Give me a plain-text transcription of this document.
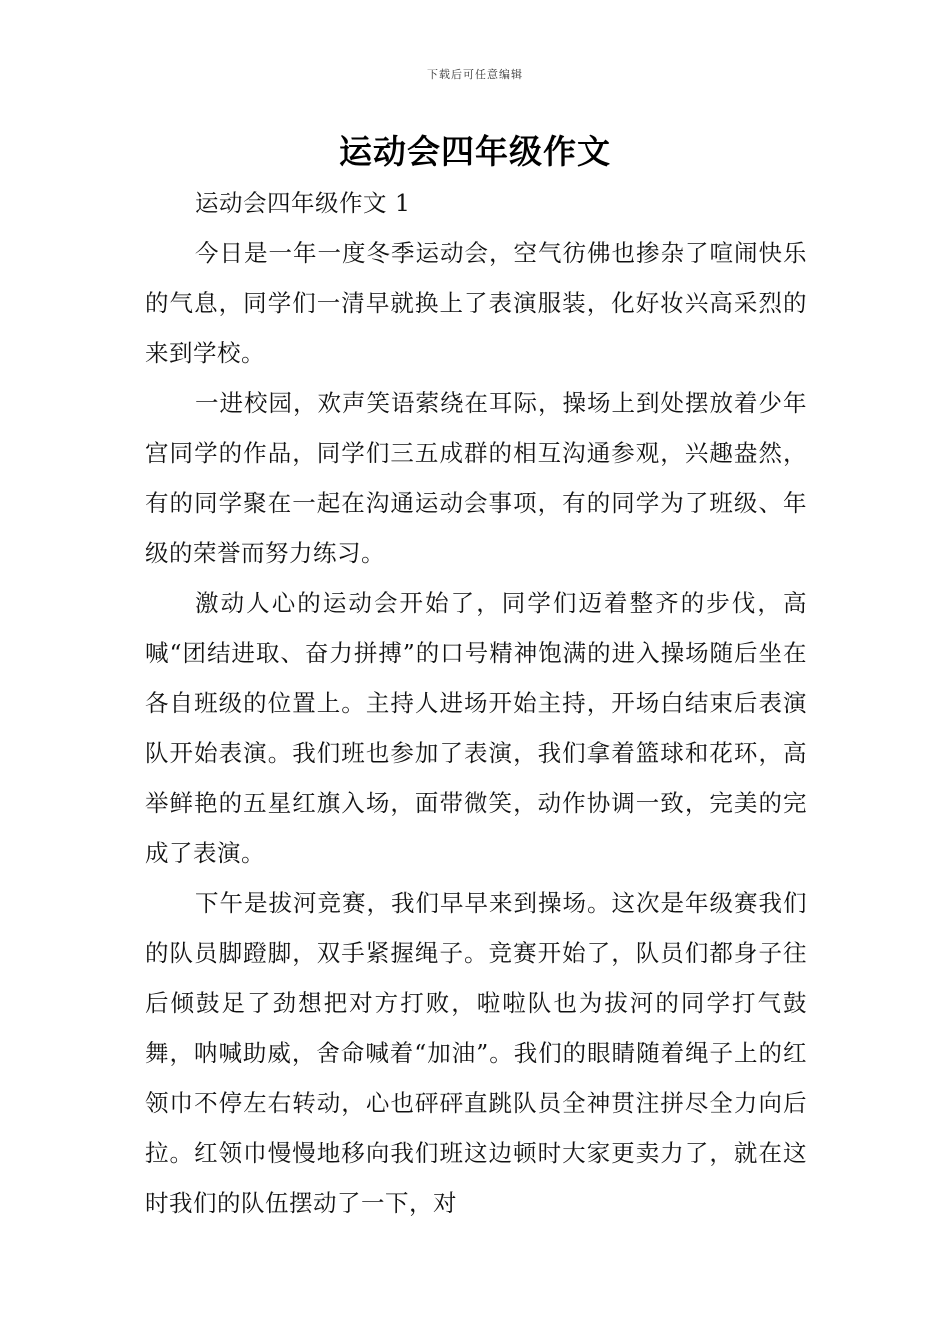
下载后可任意编辑
运动会四年级作文

运动会四年级作文 1

今日是一年一度冬季运动会，空气彷佛也掺杂了喧闹快乐的气息，同学们一清早就换上了表演服装，化好妆兴高采烈的来到学校。

一进校园，欢声笑语萦绕在耳际，操场上到处摆放着少年宫同学的作品，同学们三五成群的相互沟通参观，兴趣盎然，有的同学聚在一起在沟通运动会事项，有的同学为了班级、年级的荣誉而努力练习。

激动人心的运动会开始了，同学们迈着整齐的步伐，高喊“团结进取、奋力拼搏”的口号精神饱满的进入操场随后坐在各自班级的位置上。主持人进场开始主持，开场白结束后表演队开始表演。我们班也参加了表演，我们拿着篮球和花环，高举鲜艳的五星红旗入场，面带微笑，动作协调一致，完美的完成了表演。

下午是拔河竞赛，我们早早来到操场。这次是年级赛我们的队员脚蹬脚，双手紧握绳子。竞赛开始了，队员们都身子往后倾鼓足了劲想把对方打败，啦啦队也为拔河的同学打气鼓舞，呐喊助威，舍命喊着“加油”。我们的眼睛随着绳子上的红领巾不停左右转动，心也砰砰直跳队员全神贯注拼尽全力向后拉。红领巾慢慢地移向我们班这边顿时大家更卖力了，就在这时我们的队伍摆动了一下，对
